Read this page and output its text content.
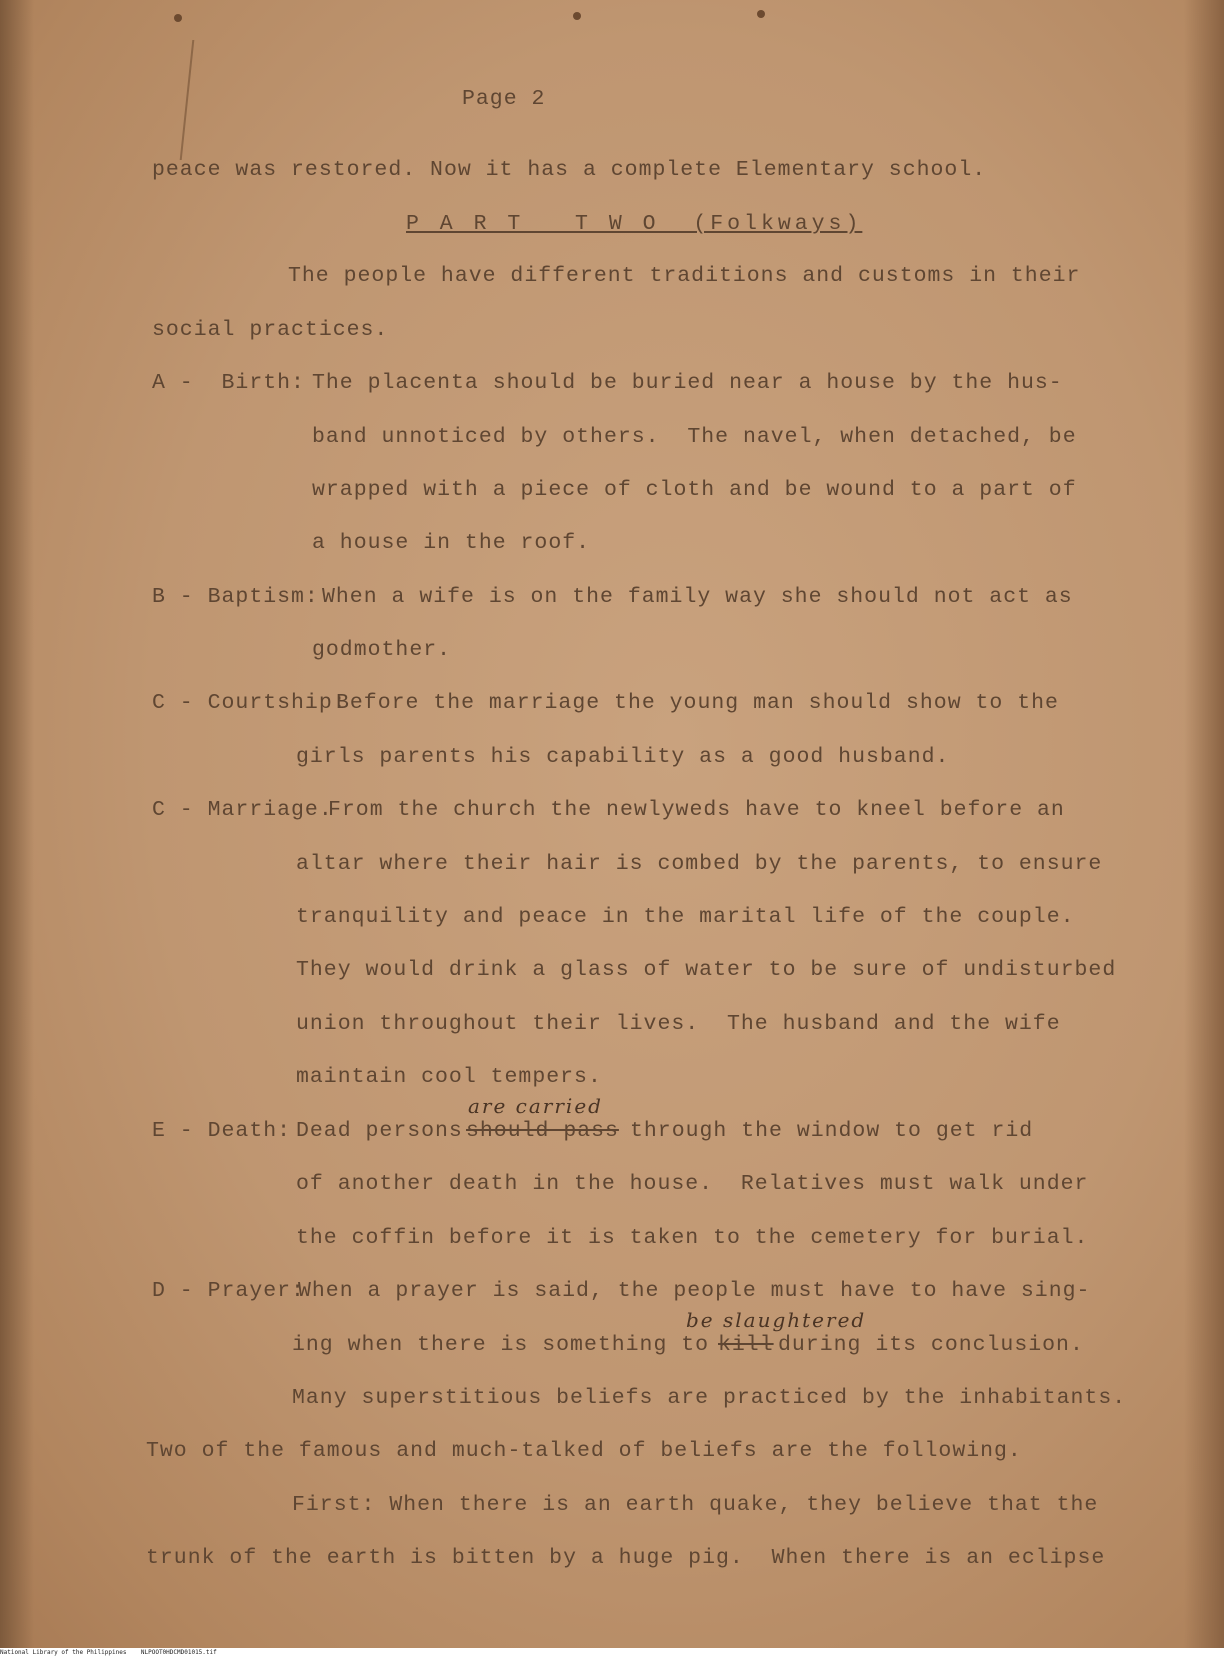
Page 2

peace was restored. Now it has a complete Elementary school.

P A R T   T W O  (Folkways)

The people have different traditions and customs in their

social practices.

A -  Birth: The placenta should be buried near a house by the hus-

band unnoticed by others.  The navel, when detached, be

wrapped with a piece of cloth and be wound to a part of

a house in the roof.

B - Baptism: When a wife is on the family way she should not act as

godmother.

C - Courtship:

Before the marriage the young man should show to the

girls parents his capability as a good husband.

C - Marriage.

From the church the newlyweds have to kneel before an

altar where their hair is combed by the parents, to ensure

tranquility and peace in the marital life of the couple.

They would drink a glass of water to be sure of undisturbed

union throughout their lives.  The husband and the wife

maintain cool tempers.

are carried

E - Death: Dead persons should pass through the window to get rid

of another death in the house.  Relatives must walk under

the coffin before it is taken to the cemetery for burial.

D - Prayer:

When a prayer is said, the people must have to have sing-

be slaughtered

ing when there is something to kill during its conclusion.

Many superstitious beliefs are practiced by the inhabitants.

Two of the famous and much-talked of beliefs are the following.

First: When there is an earth quake, they believe that the

trunk of the earth is bitten by a huge pig.  When there is an eclipse

National Library of the Philippines    NLPOOT0HDCMD01015.tif
